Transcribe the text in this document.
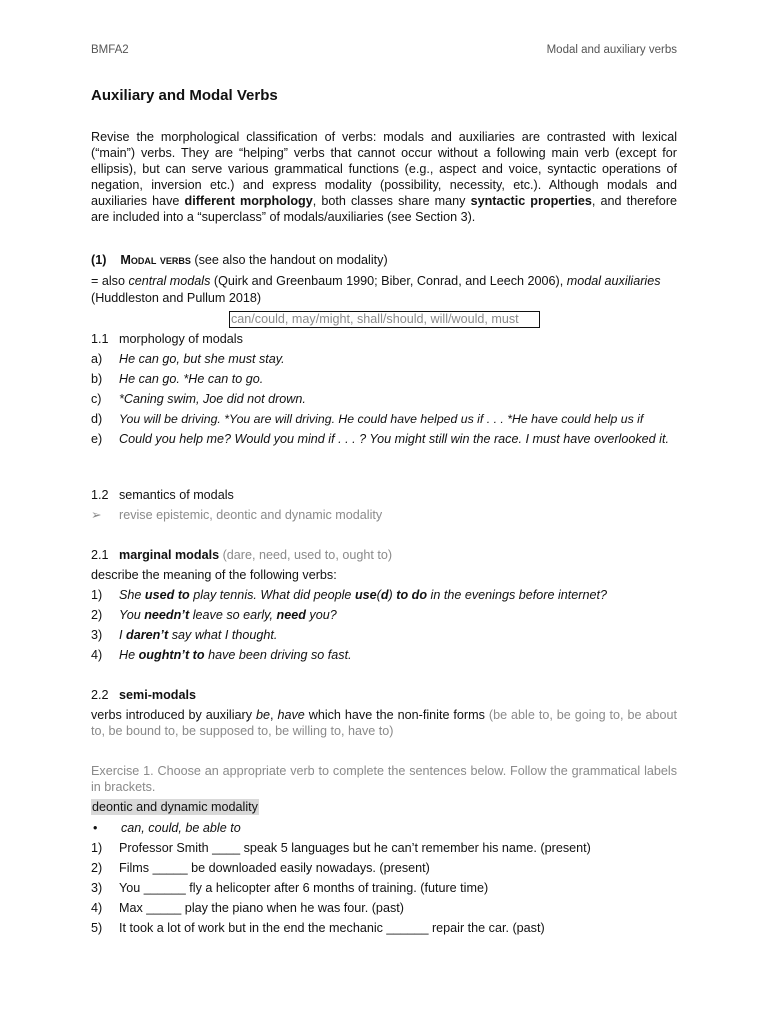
BMFA2	Modal and auxiliary verbs
Auxiliary and Modal Verbs
Revise the morphological classification of verbs: modals and auxiliaries are contrasted with lexical (“main”) verbs. They are “helping” verbs that cannot occur without a following main verb (except for ellipsis), but can serve various grammatical functions (e.g., aspect and voice, syntactic operations of negation, inversion etc.) and express modality (possibility, necessity, etc.). Although modals and auxiliaries have different morphology, both classes share many syntactic properties, and therefore are included into a “superclass” of modals/auxiliaries (see Section 3).
(1) Modal verbs (see also the handout on modality)
= also central modals (Quirk and Greenbaum 1990; Biber, Conrad, and Leech 2006), modal auxiliaries
(Huddleston and Pullum 2018)
can/could, may/might, shall/should, will/would, must
1.1 morphology of modals
a)	He can go, but she must stay.
b)	He can go. *He can to go.
c)	*Caning swim, Joe did not drown.
d)	You will be driving. *You are will driving. He could have helped us if . . . *He have could help us if
e)	Could you help me? Would you mind if . . . ? You might still win the race. I must have overlooked it.
1.2 semantics of modals
➢	revise epistemic, deontic and dynamic modality
2.1 marginal modals (dare, need, used to, ought to)
describe the meaning of the following verbs:
1)	She used to play tennis. What did people use(d) to do in the evenings before internet?
2)	You needn’t leave so early, need you?
3)	I daren’t say what I thought.
4)	He oughtn’t to have been driving so fast.
2.2 semi-modals
verbs introduced by auxiliary be, have which have the non-finite forms (be able to, be going to, be about to, be bound to, be supposed to, be willing to, have to)
Exercise 1. Choose an appropriate verb to complete the sentences below. Follow the grammatical labels in brackets.
deontic and dynamic modality
•	can, could, be able to
1)	Professor Smith ____ speak 5 languages but he can’t remember his name. (present)
2)	Films _____ be downloaded easily nowadays. (present)
3)	You ______ fly a helicopter after 6 months of training. (future time)
4)	Max _____ play the piano when he was four. (past)
5)	It took a lot of work but in the end the mechanic ______ repair the car. (past)
